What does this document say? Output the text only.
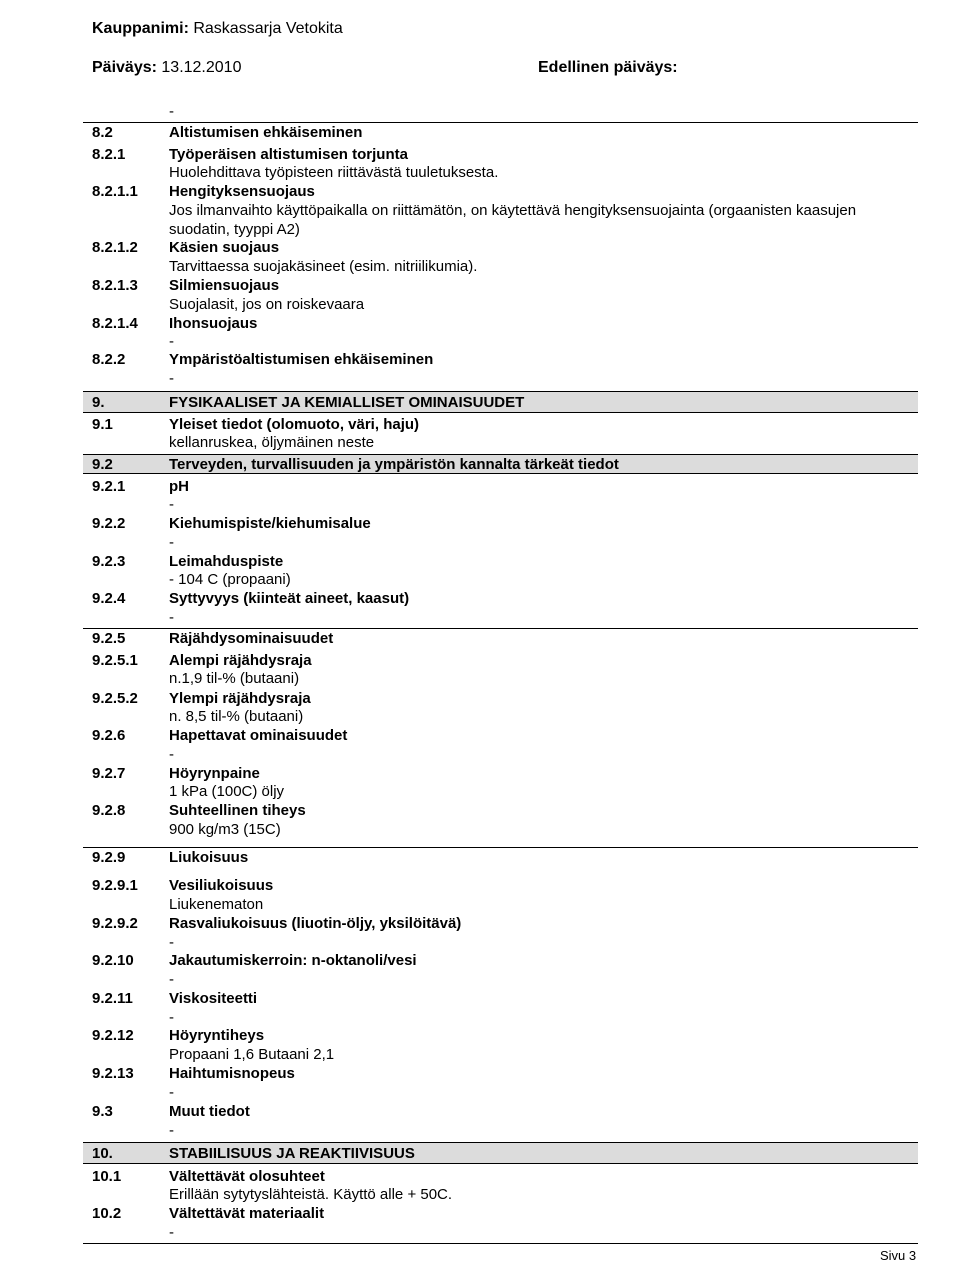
Kauppanimi: Raskassarja Vetokita
Päiväys: 13.12.2010	Edellinen päiväys:
-
8.2	Altistumisen ehkäiseminen
8.2.1	Työperäisen altistumisen torjunta
Huolehdittava työpisteen riittävästä tuuletuksesta.
8.2.1.1 Hengityksensuojaus
Jos ilmanvaihto käyttöpaikalla on riittämätön, on käytettävä hengityksensuojainta (orgaanisten kaasujen
suodatin, tyyppi A2)
8.2.1.2 Käsien suojaus
Tarvittaessa suojakäsineet (esim. nitriilikumia).
8.2.1.3 Silmiensuojaus
Suojalasit, jos on roiskevaara
8.2.1.4 Ihonsuojaus
-
8.2.2	Ympäristöaltistumisen ehkäiseminen
-
9.	FYSIKAALISET JA KEMIALLISET OMINAISUUDET
9.1	Yleiset tiedot (olomuoto, väri, haju)
kellanruskea, öljymäinen neste
9.2	Terveyden, turvallisuuden ja ympäristön kannalta tärkeät tiedot
9.2.1	pH
-
9.2.2	Kiehumispiste/kiehumisalue
-
9.2.3	Leimahduspiste
- 104 C (propaani)
9.2.4	Syttyvyys (kiinteät aineet, kaasut)
-
9.2.5	Räjähdysominaisuudet
9.2.5.1 Alempi räjähdysraja
n.1,9 til-% (butaani)
9.2.5.2 Ylempi räjähdysraja
n. 8,5 til-% (butaani)
9.2.6	Hapettavat ominaisuudet
-
9.2.7	Höyrynpaine
1 kPa (100C) öljy
9.2.8	Suhteellinen tiheys
900 kg/m3 (15C)
9.2.9	Liukoisuus
9.2.9.1 Vesiliukoisuus
Liukenematon
9.2.9.2 Rasvaliukoisuus (liuotin-öljy, yksilöitävä)
-
9.2.10 Jakautumiskerroin: n-oktanoli/vesi
-
9.2.11 Viskositeetti
-
9.2.12 Höyryntiheys
Propaani 1,6 Butaani 2,1
9.2.13 Haihtumisnopeus
-
9.3	Muut tiedot
-
10.	STABIILISUUS JA REAKTIIVISUUS
10.1	Vältettävät olosuhteet
Erillään sytytyslähteistä. Käyttö alle + 50C.
10.2	Vältettävät materiaalit
-
Sivu 3
